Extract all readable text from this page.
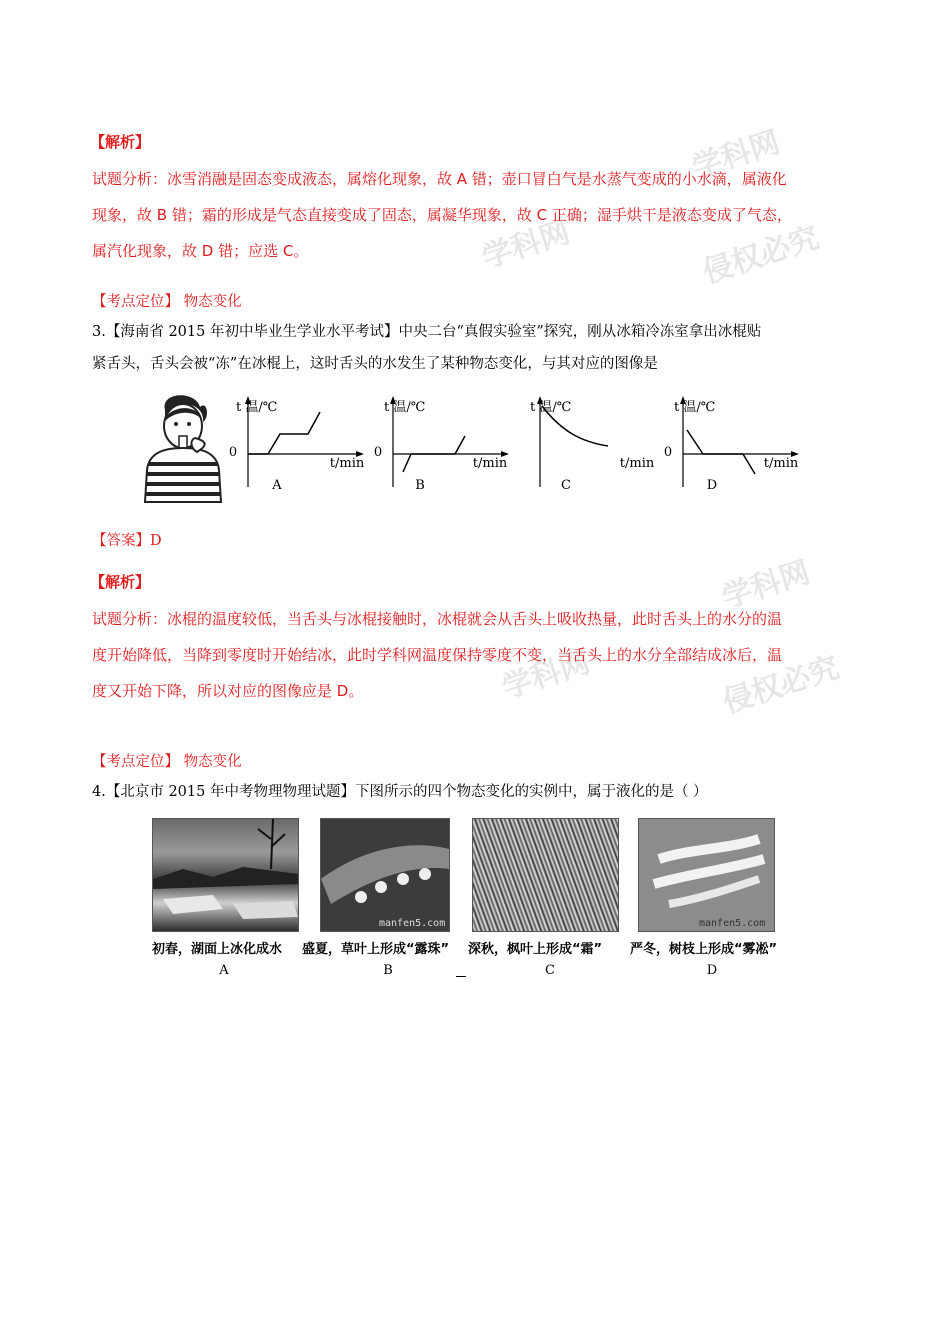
学科网
学科网	侵权必究
学科网
学科网	侵权必究
【解析】
试题分析：冰雪消融是固态变成液态，属熔化现象，故 A 错；壶口冒白气是水蒸气变成的小水滴，属液化
现象，故 B 错；霜的形成是气态直接变成了固态，属凝华现象，故 C 正确；湿手烘干是液态变成了气态，
属汽化现象，故 D 错；应选 C。
【考点定位】 物态变化
3.【海南省 2015 年初中毕业生学业水平考试】中央二台“真假实验室”探究，刚从冰箱冷冻室拿出冰棍贴
紧舌头，舌头会被“冻”在冰棍上，这时舌头的水发生了某种物态变化，与其对应的图像是
t 温/℃
0
t/min
A
t 温/℃
0
t/min
B
t 温/℃
t/min
C
t 温/℃
0
t/min
D
【答案】D
【解析】
试题分析：冰棍的温度较低，当舌头与冰棍接触时，冰棍就会从舌头上吸收热量，此时舌头上的水分的温
度开始降低，当降到零度时开始结冰，此时学科网温度保持零度不变，当舌头上的水分全部结成冰后，温
度又开始下降，所以对应的图像应是 D。
【考点定位】 物态变化
4.【北京市 2015 年中考物理物理试题】下图所示的四个物态变化的实例中，属于液化的是（ ）
manfen5.com	manfen5.com
初春，湖面上冰化成水 盛夏，草叶上形成“露珠” 深秋，枫叶上形成“霜” 严冬，树枝上形成“雾凇”
A	B	C	D
